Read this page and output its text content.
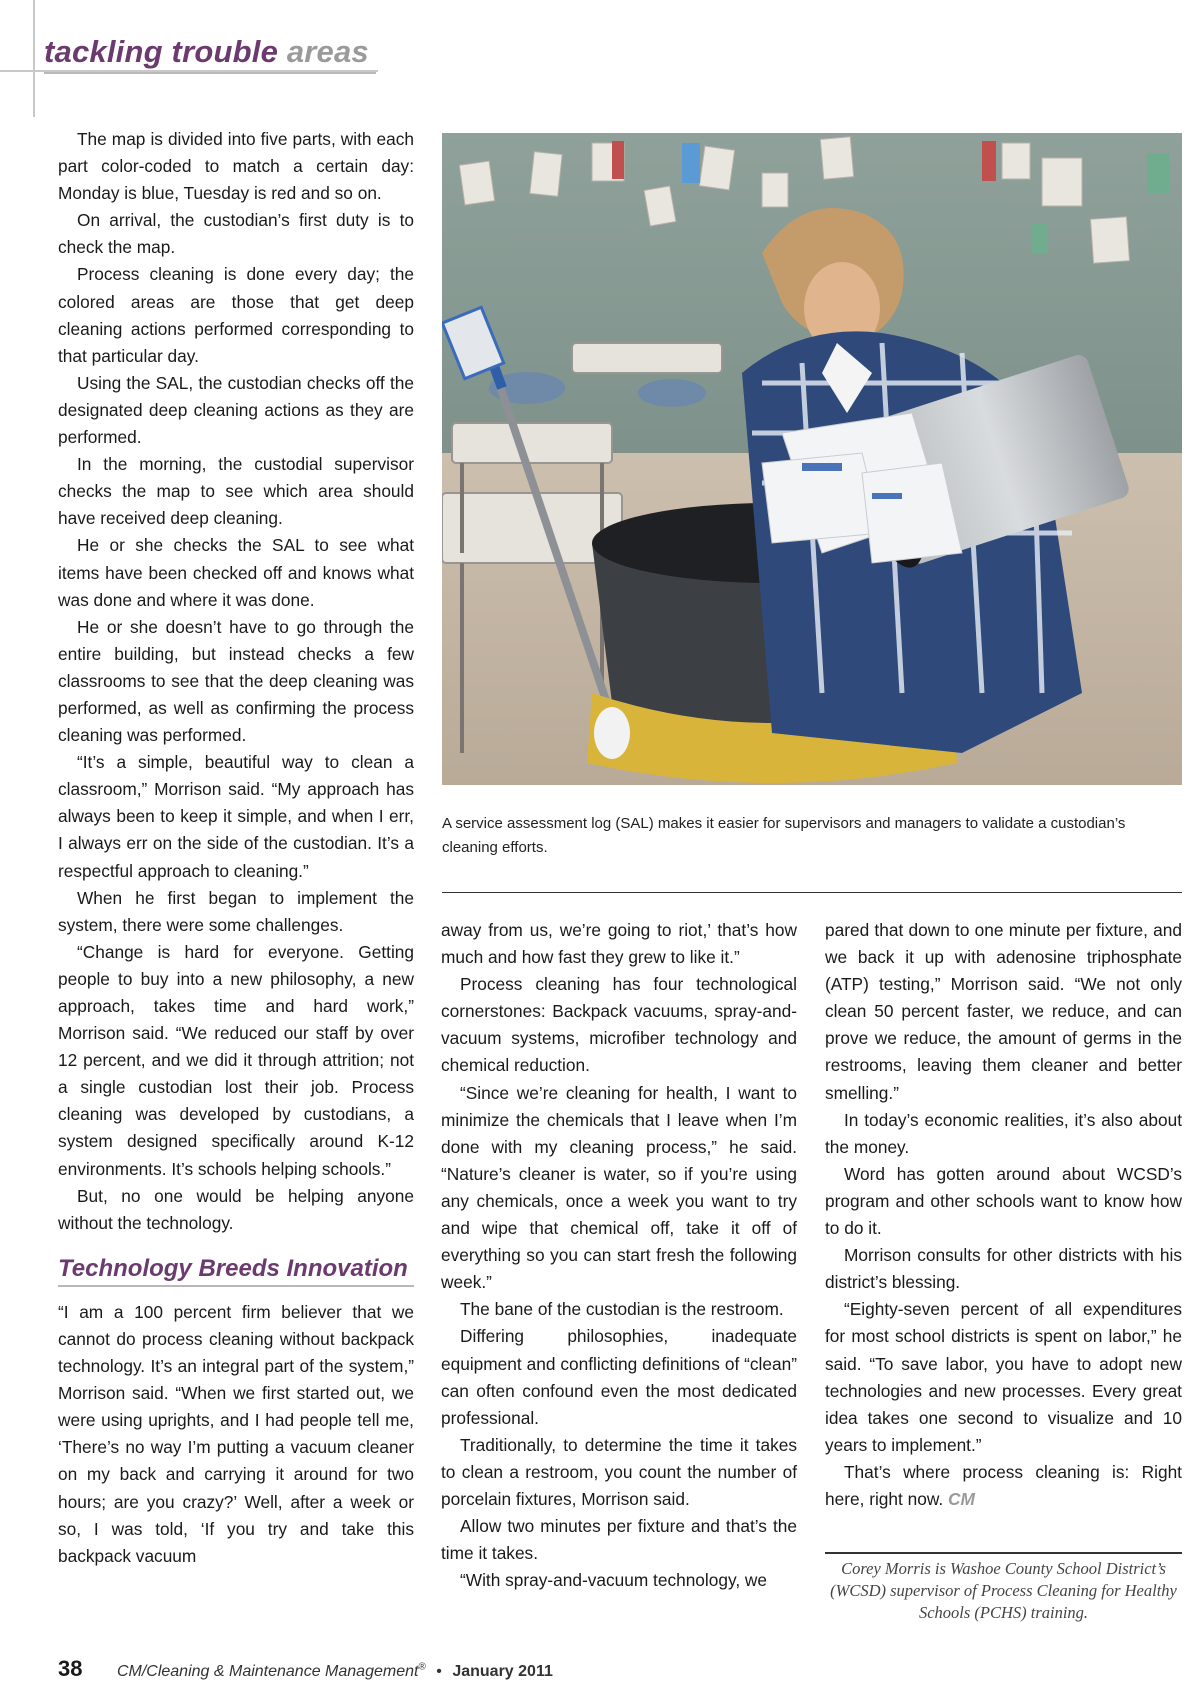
tackling trouble areas

The map is divided into five parts, with each part color-coded to match a certain day: Monday is blue, Tuesday is red and so on.

On arrival, the custodian’s first duty is to check the map.

Process cleaning is done every day; the colored areas are those that get deep cleaning actions performed corresponding to that particular day.

Using the SAL, the custodian checks off the designated deep cleaning actions as they are performed.

In the morning, the custodial supervisor checks the map to see which area should have received deep cleaning.

He or she checks the SAL to see what items have been checked off and knows what was done and where it was done.

He or she doesn’t have to go through the entire building, but instead checks a few classrooms to see that the deep cleaning was performed, as well as confirming the process cleaning was performed.

“It’s a simple, beautiful way to clean a classroom,” Morrison said. “My approach has always been to keep it simple, and when I err, I always err on the side of the custodian. It’s a respectful approach to cleaning.”

When he first began to implement the system, there were some challenges.

“Change is hard for everyone. Getting people to buy into a new philosophy, a new approach, takes time and hard work,” Morrison said. “We reduced our staff by over 12 percent, and we did it through attrition; not a single custodian lost their job. Process cleaning was developed by custodians, a system designed specifically around K-12 environments. It’s schools helping schools.”

But, no one would be helping anyone without the technology.

Technology Breeds Innovation

“I am a 100 percent firm believer that we cannot do process cleaning without backpack technology. It’s an integral part of the system,” Morrison said. “When we first started out, we were using uprights, and I had people tell me, ‘There’s no way I’m putting a vacuum cleaner on my back and carrying it around for two hours; are you crazy?’ Well, after a week or so, I was told, ‘If you try and take this backpack vacuum

A service assessment log (SAL) makes it easier for supervisors and managers to validate a custodian’s cleaning efforts.

away from us, we’re going to riot,’ that’s how much and how fast they grew to like it.”

Process cleaning has four technological cornerstones: Backpack vacuums, spray-and-vacuum systems, microfiber technology and chemical reduction.

“Since we’re cleaning for health, I want to minimize the chemicals that I leave when I’m done with my cleaning process,” he said. “Nature’s cleaner is water, so if you’re using any chemicals, once a week you want to try and wipe that chemical off, take it off of everything so you can start fresh the following week.”

The bane of the custodian is the restroom.

Differing philosophies, inadequate equipment and conflicting definitions of “clean” can often confound even the most dedicated professional.

Traditionally, to determine the time it takes to clean a restroom, you count the number of porcelain fixtures, Morrison said.

Allow two minutes per fixture and that’s the time it takes.

“With spray-and-vacuum technology, we

pared that down to one minute per fixture, and we back it up with adenosine triphosphate (ATP) testing,” Morrison said. “We not only clean 50 percent faster, we reduce, and can prove we reduce, the amount of germs in the restrooms, leaving them cleaner and better smelling.”

In today’s economic realities, it’s also about the money.

Word has gotten around about WCSD’s program and other schools want to know how to do it.

Morrison consults for other districts with his district’s blessing.

“Eighty-seven percent of all expenditures for most school districts is spent on labor,” he said. “To save labor, you have to adopt new technologies and new processes. Every great idea takes one second to visualize and 10 years to implement.”

That’s where process cleaning is: Right here, right now. CM

Corey Morris is Washoe County School District’s (WCSD) supervisor of Process Cleaning for Healthy Schools (PCHS) training.
38 CM/Cleaning & Maintenance Management® • January 2011
